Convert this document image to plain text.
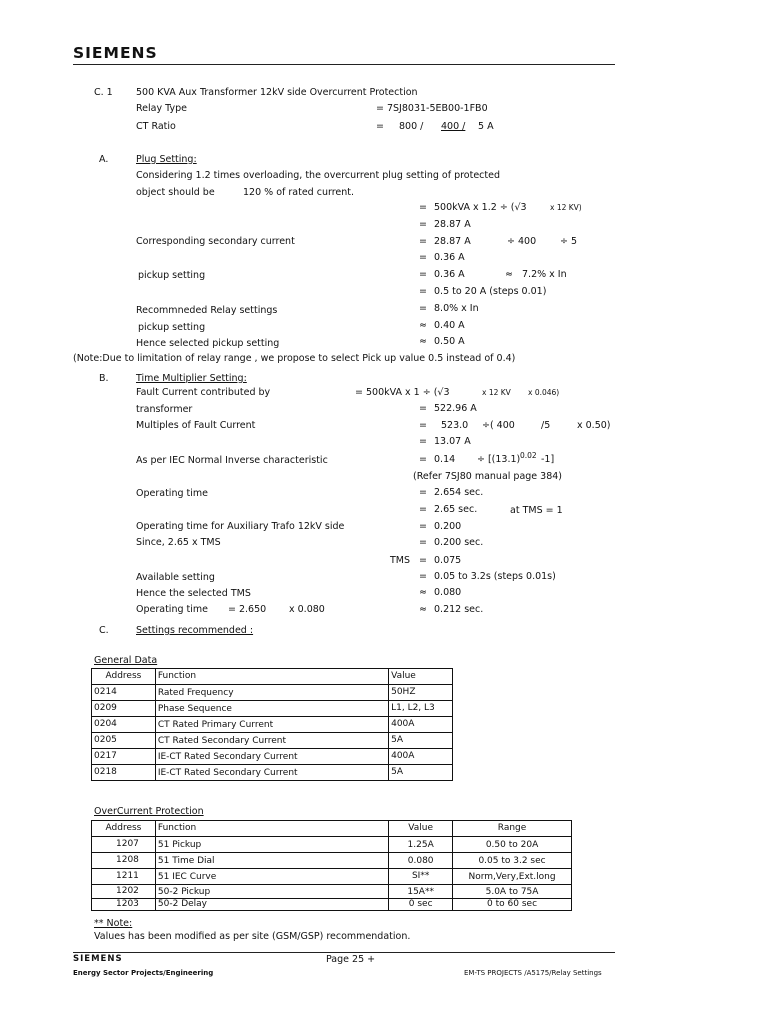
SIEMENS
C. 1 500 KVA Aux Transformer 12kV side Overcurrent Protection
Relay Type	= 7SJ8031-5EB00-1FB0
CT Ratio	= 800 / 400 / 5 A
A.	Plug Setting:
Considering 1.2 times overloading, the overcurrent plug setting of protected
object should be	120 % of rated current.
= 500kVA x 1.2 ÷ (√3	x 12 KV)
= 28.87 A
Corresponding secondary current	= 28.87 A	÷ 400	÷ 5
= 0.36 A
pickup setting	= 0.36 A	≈ 7.2% x In
= 0.5 to 20 A (steps 0.01)
Recommneded Relay settings	= 8.0% x In
pickup setting	≈ 0.40 A
Hence selected pickup setting	≈ 0.50 A
(Note:Due to limitation of relay range , we propose to select Pick up value 0.5 instead of 0.4)
B.	Time Multiplier Setting:
Fault Current contributed by	= 500kVA x 1 ÷ (√3	x 12 KV x 0.046)
transformer	= 522.96 A
Multiples of Fault Current	= 523.0 ÷( 400	/5	x 0.50)
= 13.07 A
As per IEC Normal Inverse characteristic	= 0.14 ÷ [(13.1) 0.02 -1]
(Refer 7SJ80 manual page 384)
Operating time	= 2.654 sec.
= 2.65 sec.	at TMS = 1
Operating time for Auxiliary Trafo 12kV side	= 0.200
Since, 2.65 x TMS	= 0.200 sec.
TMS = 0.075
Available setting	= 0.05 to 3.2s (steps 0.01s)
Hence the selected TMS	≈ 0.080
Operating time = 2.650 x 0.080	≈ 0.212 sec.
C.	Settings recommended :
General Data
Address	Function	Value
0214	Rated Frequency	50HZ
0209	Phase Sequence	L1, L2, L3
0204	CT Rated Primary Current	400A
0205	CT Rated Secondary Current	5A
0217	IE-CT Rated Secondary Current	400A
0218	IE-CT Rated Secondary Current	5A
OverCurrent Protection
Address	Function	Value	Range
1207	51 Pickup	1.25A	0.50 to 20A
1208	51 Time Dial	0.080	0.05 to 3.2 sec
1211	51 IEC Curve	SI**	Norm,Very,Ext.long
1202	50-2 Pickup	15A**	5.0A to 75A
1203	50-2 Delay	0 sec	0 to 60 sec
** Note:
Values has been modified as per site (GSM/GSP) recommendation.
SIEMENS	Page 25 +
Energy Sector Projects/Engineering	EM-TS PROJECTS /A5175/Relay Settings
